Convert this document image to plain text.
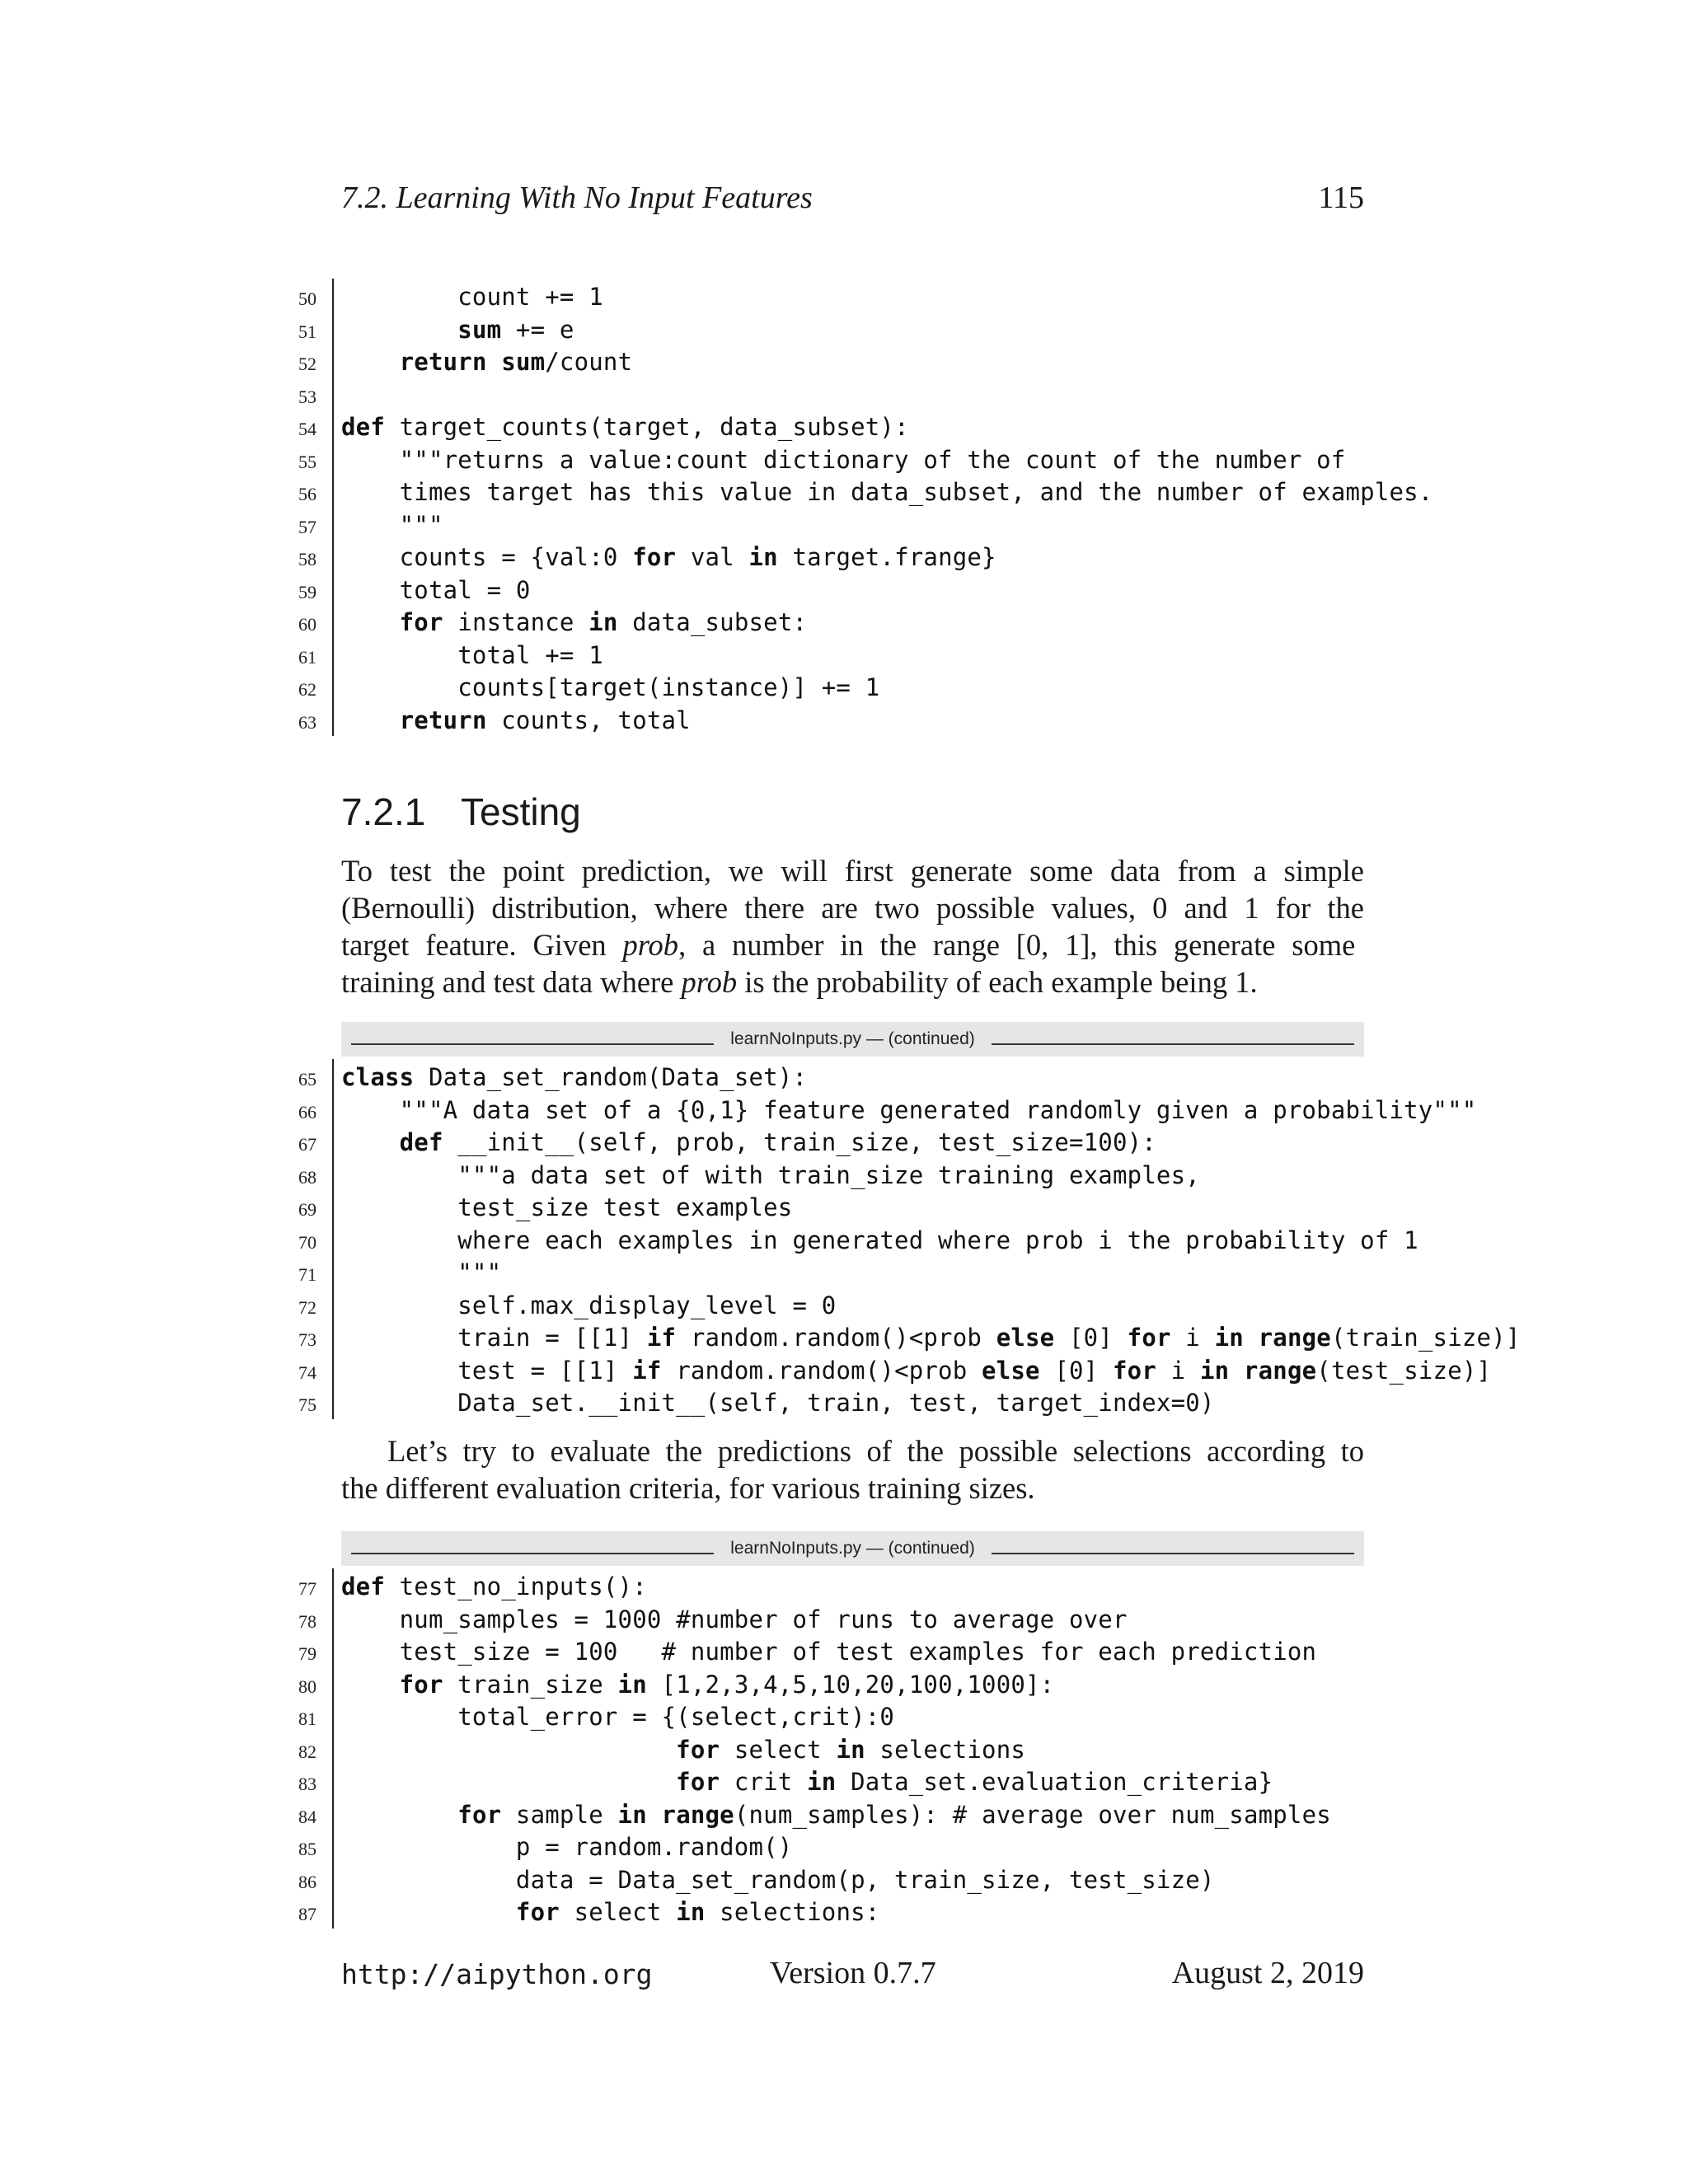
7.2. Learning With No Input Features	115
7.2.1 Testing
To test the point prediction, we will first generate some data from a simple
(Bernoulli) distribution, where there are two possible values, 0 and 1 for the
target feature. Given prob, a number in the range [0, 1], this generate some
training and test data where prob is the probability of each example being 1.
learnNoInputs.py — (continued)
Let’s try to evaluate the predictions of the possible selections according to
the different evaluation criteria, for various training sizes.
learnNoInputs.py — (continued)
http://aipython.org	Version 0.7.7	August 2, 2019
50 count += 1
51	sum += e
52	return sum/count
53
54 def target_counts(target, data_subset):
55 """returns a value:count dictionary of the count of the number of
56 times target has this value in data_subset, and the number of examples.
57 """
58 counts = {val:0 for val in target.frange}
59 total = 0
60	for instance in data_subset:
61 total += 1
62 counts[target(instance)] += 1
63	return counts, total
65 class Data_set_random(Data_set):
66 """A data set of a {0,1} feature generated randomly given a probability"""
67	def __init__(self, prob, train_size, test_size=100):
68 """a data set of with train_size training examples,
69 test_size test examples
70 where each examples in generated where prob i the probability of 1
71 """
72 self.max_display_level = 0
73 train = [[1] if random.random()<prob else [0] for i in range(train_size)]
74 test = [[1] if random.random()<prob else [0] for i in range(test_size)]
75 Data_set.__init__(self, train, test, target_index=0)
77 def test_no_inputs():
78 num_samples = 1000 #number of runs to average over
79 test_size = 100   # number of test examples for each prediction
80	for train_size in [1,2,3,4,5,10,20,100,1000]:
81 total_error = {(select,crit):0
82	for select in selections
83	for crit in Data_set.evaluation_criteria}
84	for sample in range(num_samples): # average over num_samples
85 p = random.random()
86 data = Data_set_random(p, train_size, test_size)
87	for select in selections:
